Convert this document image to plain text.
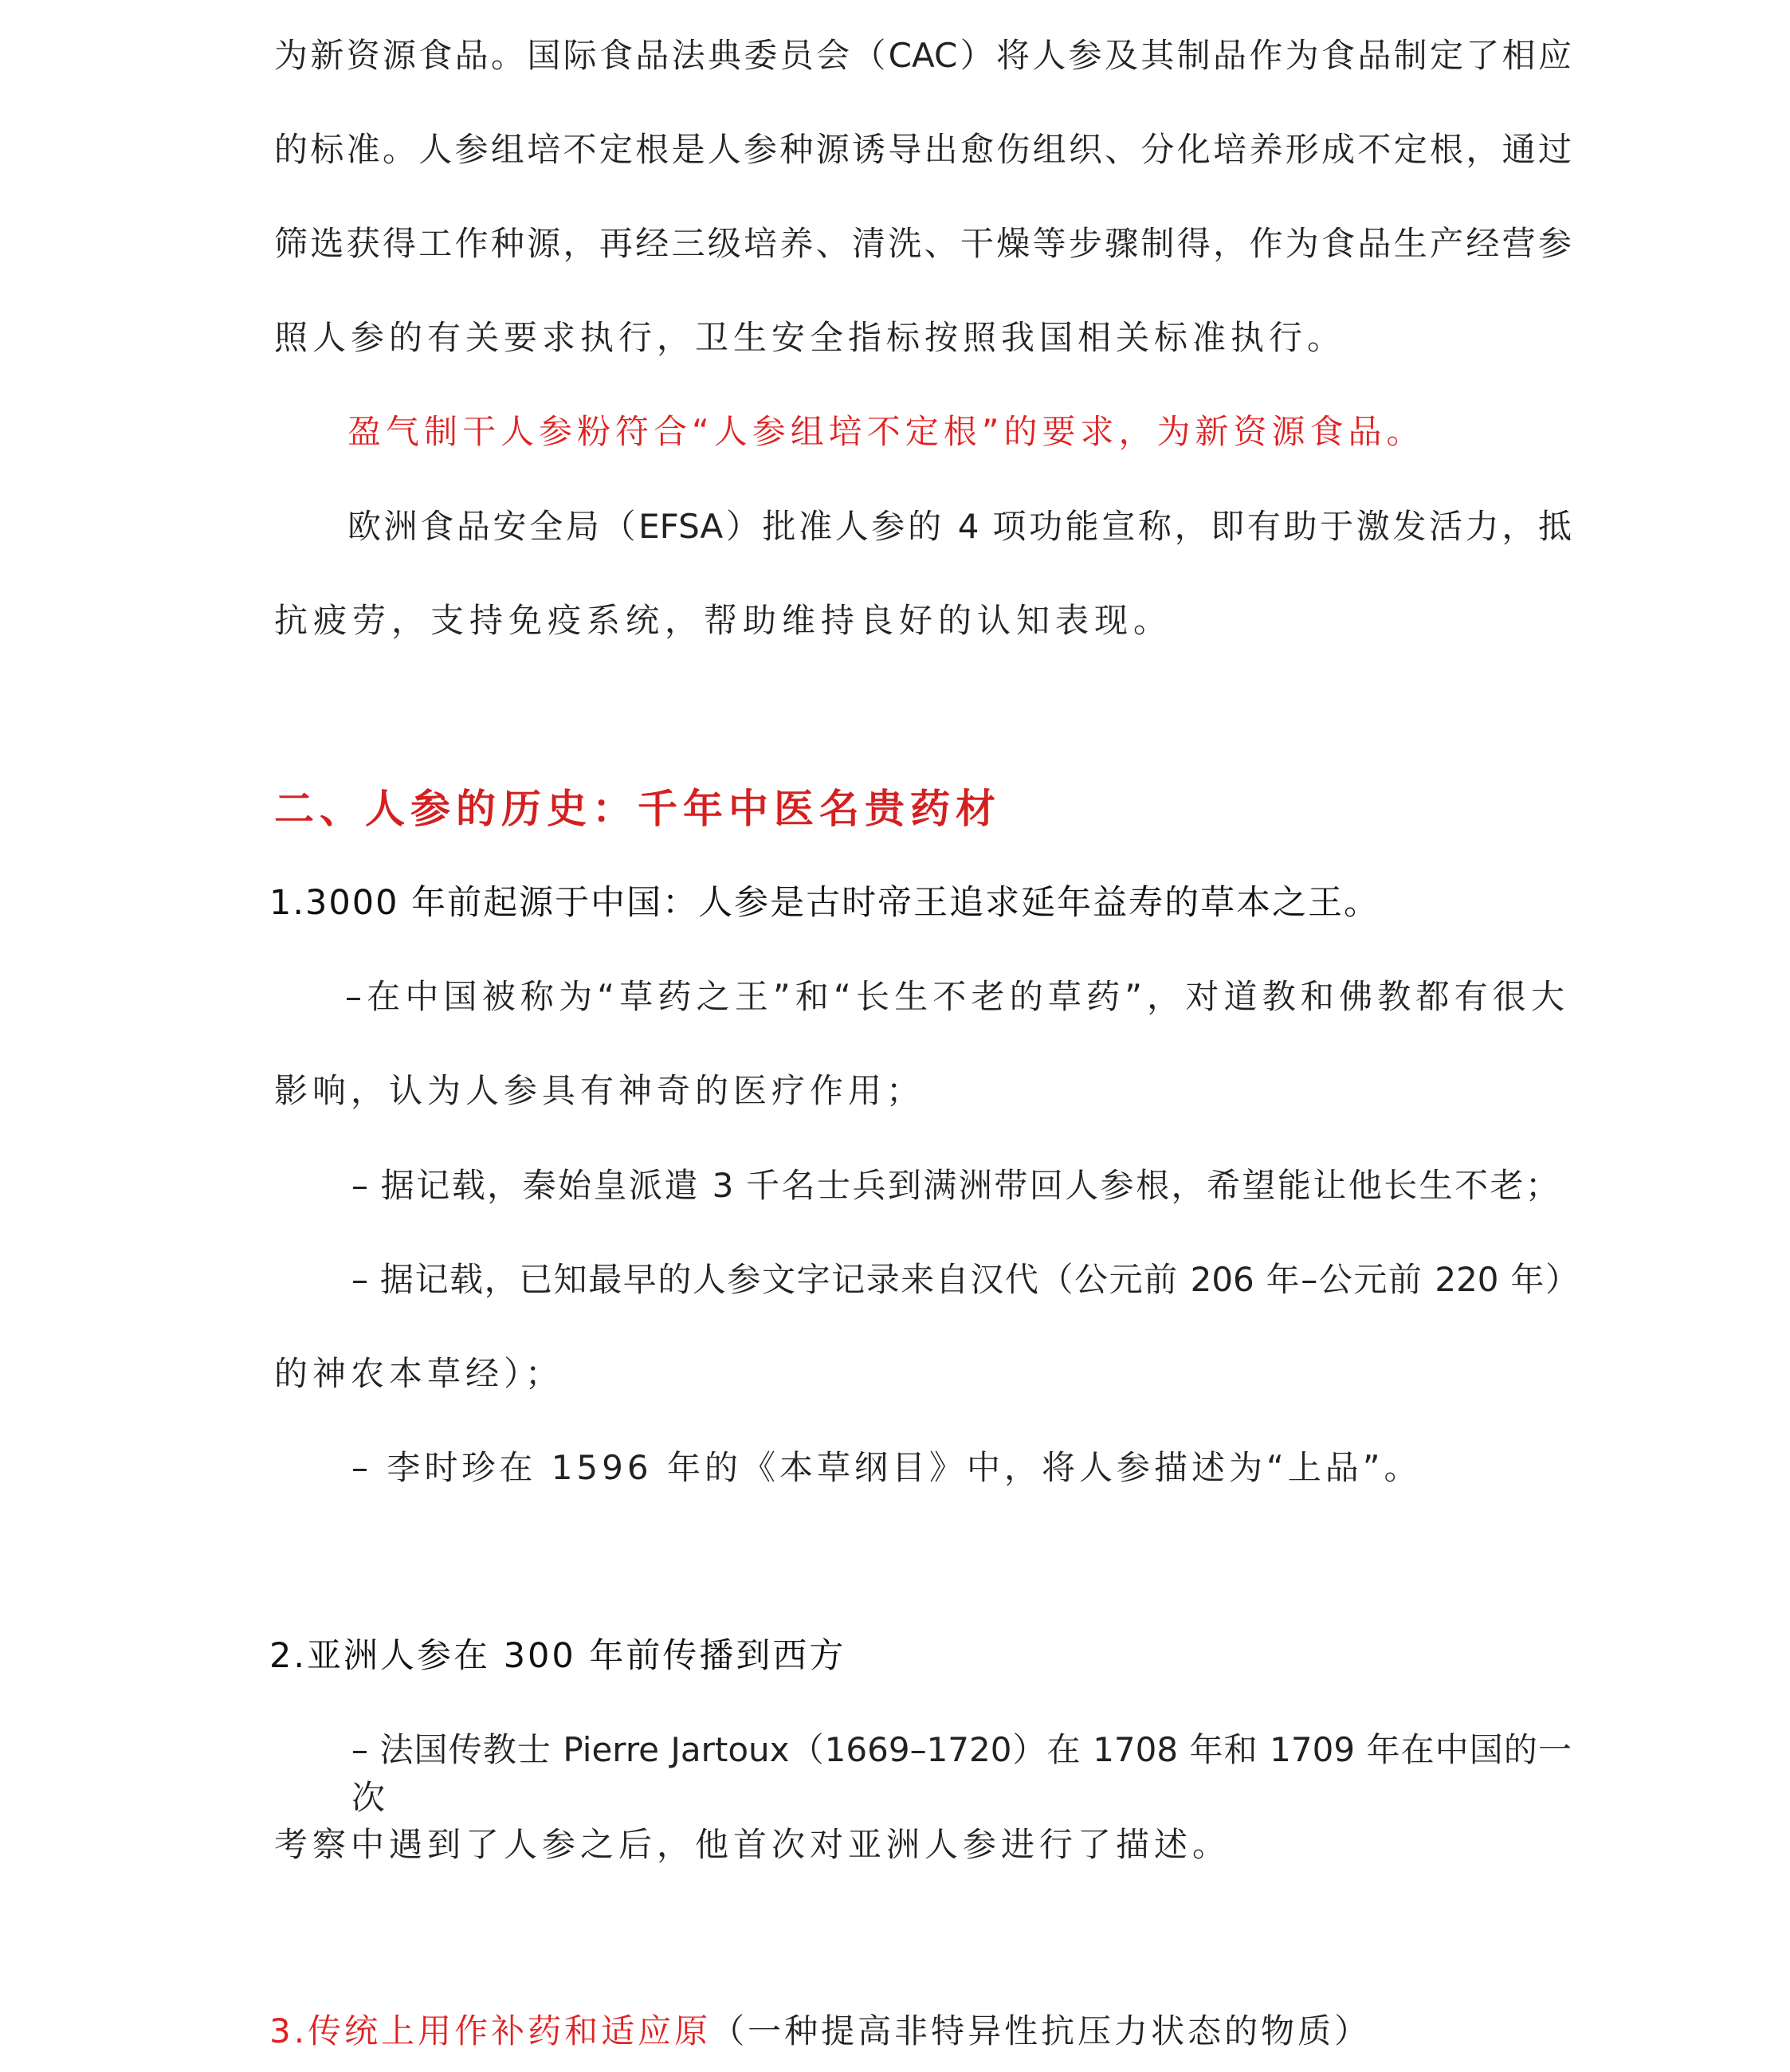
为新资源食品。国际食品法典委员会（CAC）将人参及其制品作为食品制定了相应
的标准。人参组培不定根是人参种源诱导出愈伤组织、分化培养形成不定根，通过
筛选获得工作种源，再经三级培养、清洗、干燥等步骤制得，作为食品生产经营参
照人参的有关要求执行，卫生安全指标按照我国相关标准执行。
盈气制干人参粉符合“人参组培不定根”的要求，为新资源食品。
欧洲食品安全局（EFSA）批准人参的 4 项功能宣称，即有助于激发活力，抵
抗疲劳，支持免疫系统，帮助维持良好的认知表现。
二、人参的历史：千年中医名贵药材
1.3000 年前起源于中国：人参是古时帝王追求延年益寿的草本之王。
–在中国被称为“草药之王”和“长生不老的草药”，对道教和佛教都有很大
影响，认为人参具有神奇的医疗作用；
– 据记载，秦始皇派遣 3 千名士兵到满洲带回人参根，希望能让他长生不老；
– 据记载，已知最早的人参文字记录来自汉代（公元前 206 年–公元前 220 年）
的神农本草经）；
– 李时珍在 1596 年的《本草纲目》中，将人参描述为“上品”。
2.亚洲人参在 300 年前传播到西方
– 法国传教士 Pierre Jartoux（1669–1720）在 1708 年和 1709 年在中国的一次
考察中遇到了人参之后，他首次对亚洲人参进行了描述。
3.传统上用作补药和适应原（一种提高非特异性抗压力状态的物质）
